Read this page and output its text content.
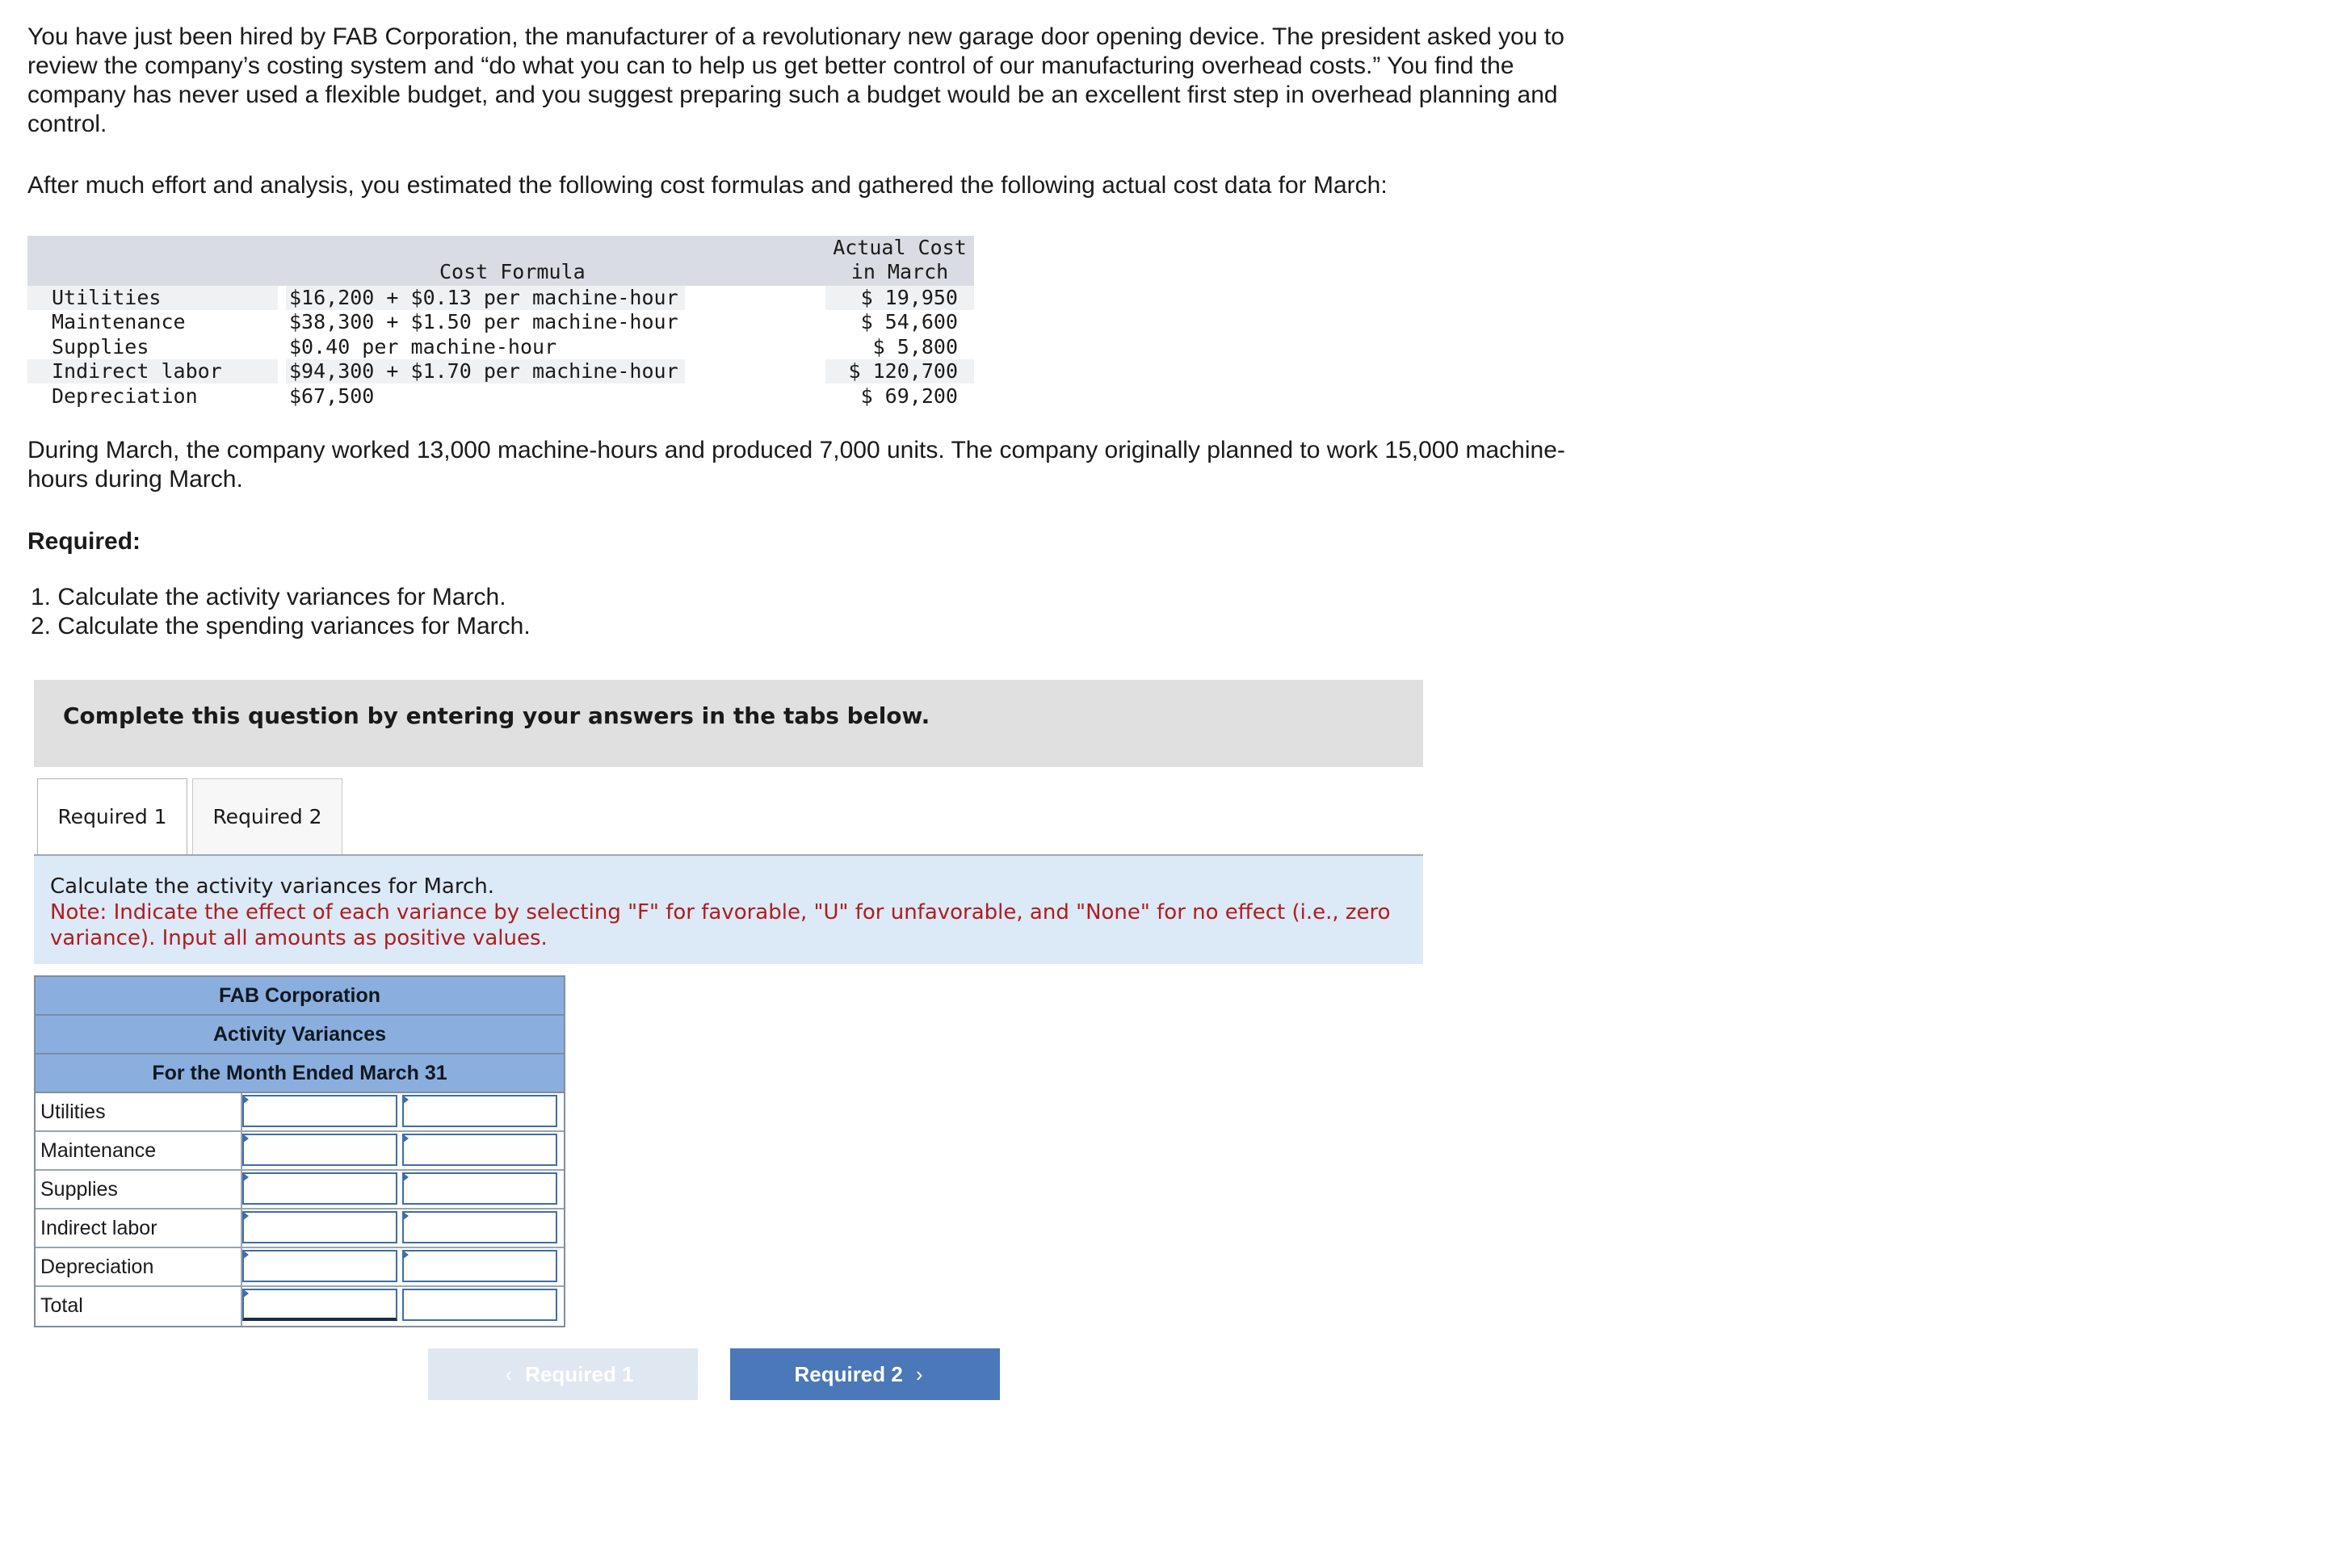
You have just been hired by FAB Corporation, the manufacturer of a revolutionary new garage door opening device. The president asked you to review the company’s costing system and “do what you can to help us get better control of our manufacturing overhead costs.” You find the company has never used a flexible budget, and you suggest preparing such a budget would be an excellent first step in overhead planning and control.

After much effort and analysis, you estimated the following cost formulas and gathered the following actual cost data for March:

Cost Formula
Actual Cost
in March
Utilities	$16,200 + $0.13 per machine-hour	$ 19,950
Maintenance	$38,300 + $1.50 per machine-hour	$ 54,600
Supplies	$0.40 per machine-hour	$ 5,800
Indirect labor	$94,300 + $1.70 per machine-hour	$ 120,700
Depreciation	$67,500	$ 69,200

During March, the company worked 13,000 machine-hours and produced 7,000 units. The company originally planned to work 15,000 machine-hours during March.

Required:

1. Calculate the activity variances for March.
2. Calculate the spending variances for March.
Complete this question by entering your answers in the tabs below.
Required 1	Required 2
Calculate the activity variances for March.
Note: Indicate the effect of each variance by selecting "F" for favorable, "U" for unfavorable, and "None" for no effect (i.e., zero variance). Input all amounts as positive values.
FAB Corporation
Activity Variances
For the Month Ended March 31
Utilities
Maintenance
Supplies
Indirect labor
Depreciation
Total
‹ Required 1	Required 2 ›
